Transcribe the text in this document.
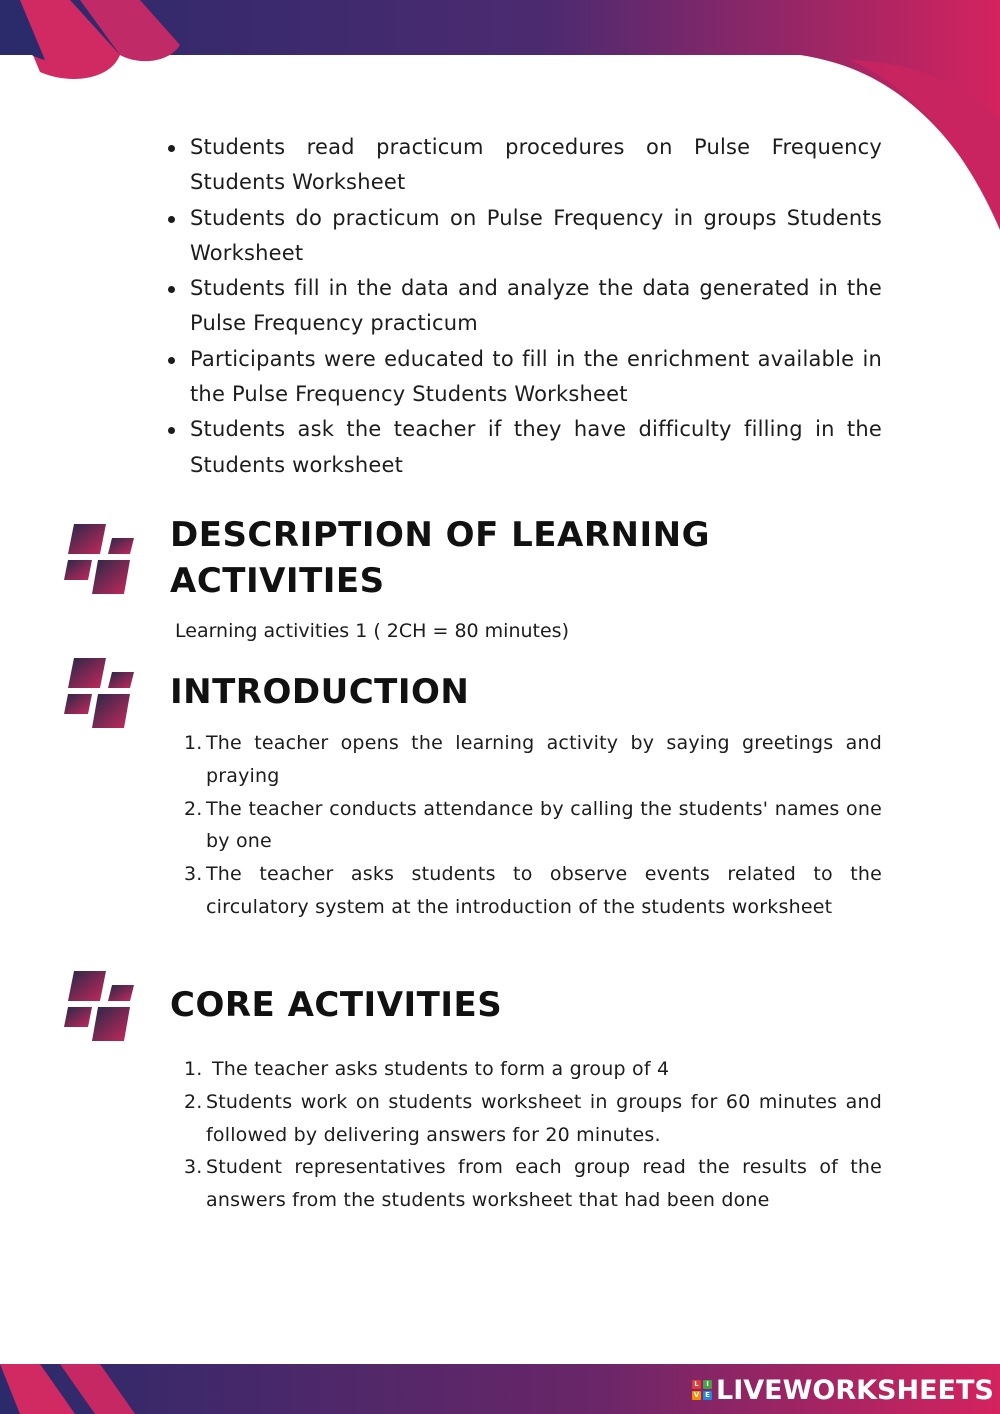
Students read practicum procedures on Pulse Frequency Students Worksheet
Students do practicum on Pulse Frequency in groups Students Worksheet
Students fill in the data and analyze the data generated in the Pulse Frequency practicum
Participants were educated to fill in the enrichment available in the Pulse Frequency Students Worksheet
Students ask the teacher if they have difficulty filling in the Students worksheet
DESCRIPTION OF LEARNING
ACTIVITIES
Learning activities 1 ( 2CH = 80 minutes)
INTRODUCTION
1. The teacher opens the learning activity by saying greetings and praying
2. The teacher conducts attendance by calling the students' names one by one
3. The teacher asks students to observe events related to the circulatory system at the introduction of the students worksheet
CORE ACTIVITIES
1. The teacher asks students to form a group of 4
2. Students work on students worksheet in groups for 60 minutes and followed by delivering answers for 20 minutes.
3. Student representatives from each group read the results of the answers from the students worksheet that had been done
L	I
V E LIVEWORKSHEETS
